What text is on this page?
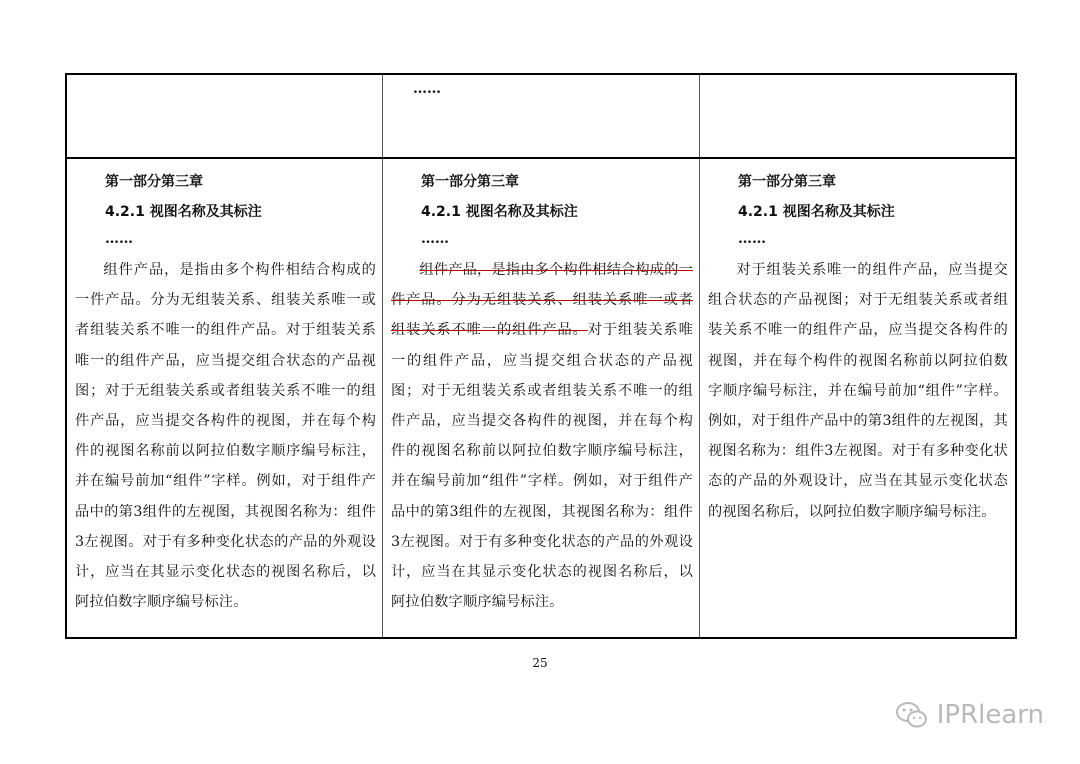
……
第一部分第三章
4.2.1 视图名称及其标注
……
组件产品，是指由多个构件相结合构成的一件产品。分为无组装关系、组装关系唯一或者组装关系不唯一的组件产品。对于组装关系唯一的组件产品，应当提交组合状态的产品视图；对于无组装关系或者组装关系不唯一的组件产品，应当提交各构件的视图，并在每个构件的视图名称前以阿拉伯数字顺序编号标注，并在编号前加“组件”字样。例如，对于组件产品中的第3组件的左视图，其视图名称为：组件3左视图。对于有多种变化状态的产品的外观设计，应当在其显示变化状态的视图名称后，以阿拉伯数字顺序编号标注。
第一部分第三章
4.2.1 视图名称及其标注
……
组件产品，是指由多个构件相结合构成的一件产品。分为无组装关系、组装关系唯一或者组装关系不唯一的组件产品。对于组装关系唯一的组件产品，应当提交组合状态的产品视图；对于无组装关系或者组装关系不唯一的组件产品，应当提交各构件的视图，并在每个构件的视图名称前以阿拉伯数字顺序编号标注，并在编号前加“组件”字样。例如，对于组件产品中的第3组件的左视图，其视图名称为：组件3左视图。对于有多种变化状态的产品的外观设计，应当在其显示变化状态的视图名称后，以阿拉伯数字顺序编号标注。
第一部分第三章
4.2.1 视图名称及其标注
……
对于组装关系唯一的组件产品，应当提交组合状态的产品视图；对于无组装关系或者组装关系不唯一的组件产品，应当提交各构件的视图，并在每个构件的视图名称前以阿拉伯数字顺序编号标注，并在编号前加“组件”字样。例如，对于组件产品中的第3组件的左视图，其视图名称为：组件3左视图。对于有多种变化状态的产品的外观设计，应当在其显示变化状态的视图名称后，以阿拉伯数字顺序编号标注。
25
IPRlearn
